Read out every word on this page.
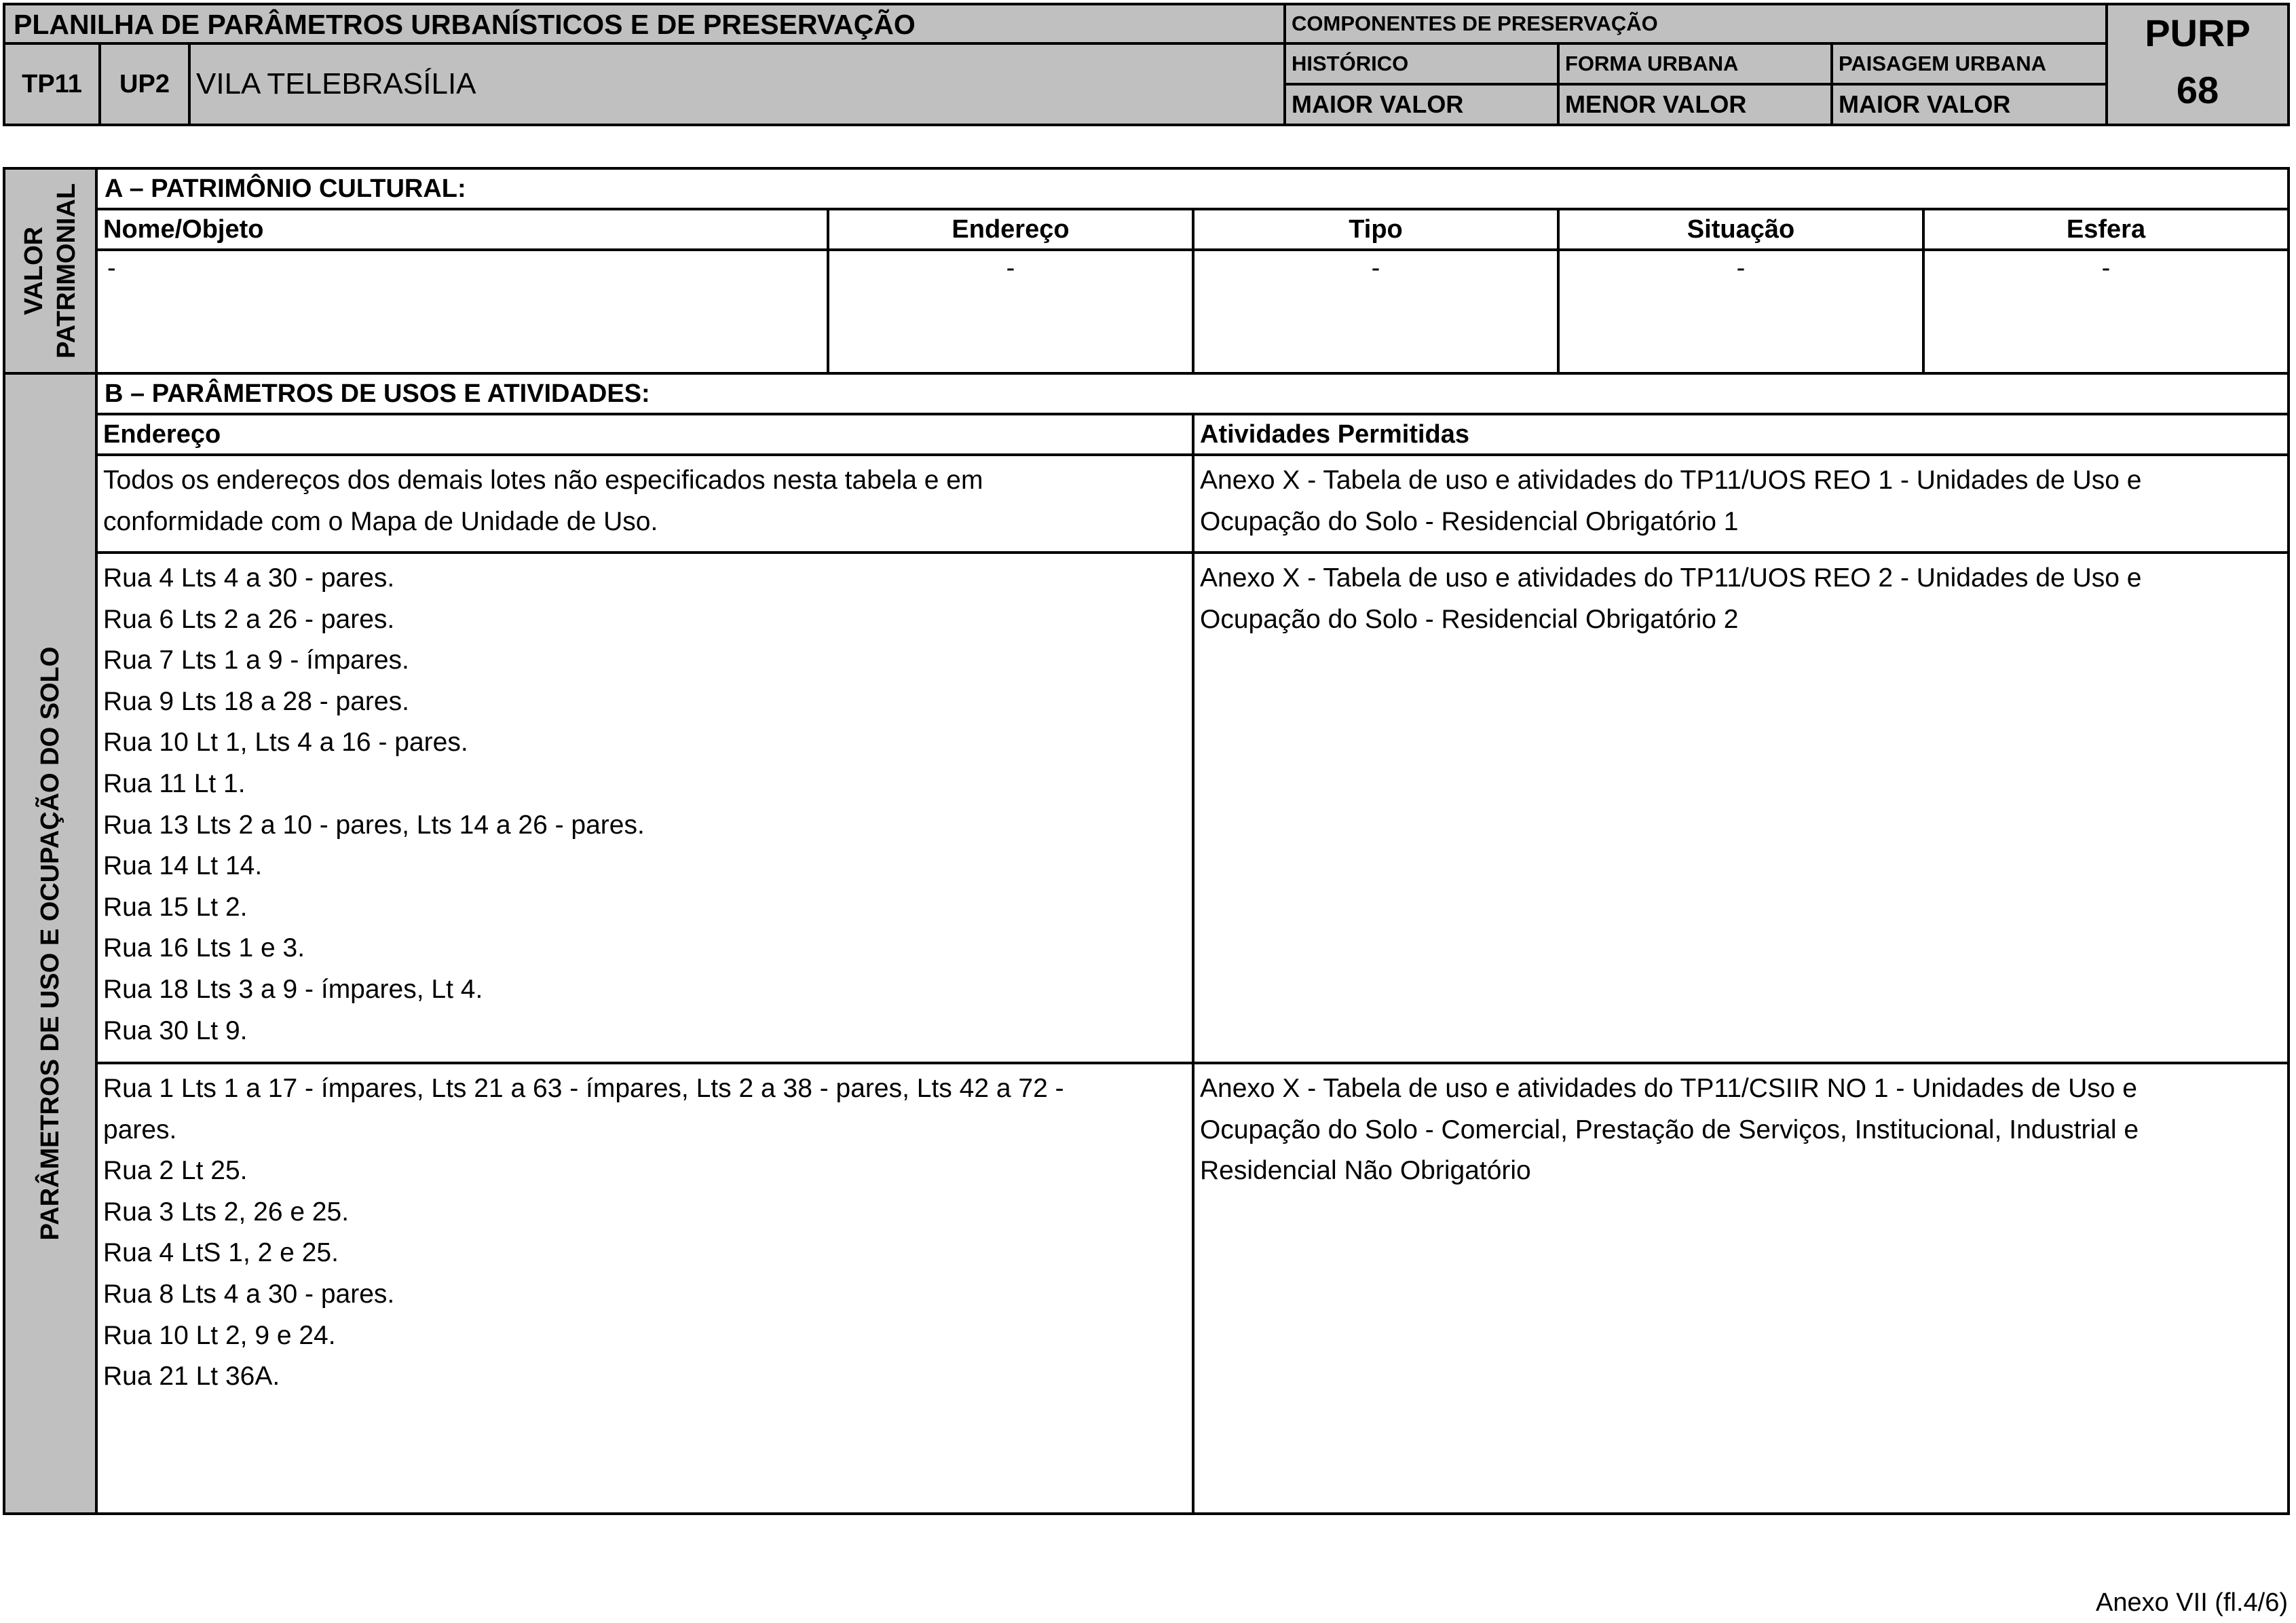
PLANILHA DE PARÂMETROS URBANÍSTICOS E DE PRESERVAÇÃO
TP11	UP2 VILA TELEBRASÍLIA
COMPONENTES DE PRESERVAÇÃO
HISTÓRICO	FORMA URBANA	PAISAGEM URBANA
MAIOR VALOR	MENOR VALOR	MAIOR VALOR
PURP
68
VALOR PATRIMONIAL A – PATRIMÔNIO CULTURAL:
Nome/Objeto	Endereço	Tipo	Situação	Esfera
-	-	-	-	-
PARÂMETROS DE USO E OCUPAÇÃO DO SOLO
B – PARÂMETROS DE USOS E ATIVIDADES:
Endereço	Atividades Permitidas
Todos os endereços dos demais lotes não especificados nesta tabela e em
conformidade com o Mapa de Unidade de Uso.
Anexo X - Tabela de uso e atividades do TP11/UOS REO 1 - Unidades de Uso e
Ocupação do Solo - Residencial Obrigatório 1
Rua 4 Lts 4 a 30 - pares.
Rua 6 Lts 2 a 26 - pares.
Rua 7 Lts 1 a 9 - ímpares.
Rua 9 Lts 18 a 28 - pares.
Rua 10 Lt 1, Lts 4 a 16 - pares.
Rua 11 Lt 1.
Rua 13 Lts 2 a 10 - pares, Lts 14 a 26 - pares.
Rua 14 Lt 14.
Rua 15 Lt 2.
Rua 16 Lts 1 e 3.
Rua 18 Lts 3 a 9 - ímpares, Lt 4.
Rua 30 Lt 9.
Anexo X - Tabela de uso e atividades do TP11/UOS REO 2 - Unidades de Uso e
Ocupação do Solo - Residencial Obrigatório 2
Rua 1 Lts 1 a 17 - ímpares, Lts 21 a 63 - ímpares, Lts 2 a 38 - pares, Lts 42 a 72 -
pares.
Rua 2 Lt 25.
Rua 3 Lts 2, 26 e 25.
Rua 4 LtS 1, 2 e 25.
Rua 8 Lts 4 a 30 - pares.
Rua 10 Lt 2, 9 e 24.
Rua 21 Lt 36A.
Anexo X - Tabela de uso e atividades do TP11/CSIIR NO 1 - Unidades de Uso e
Ocupação do Solo - Comercial, Prestação de Serviços, Institucional, Industrial e
Residencial Não Obrigatório
Anexo VII (fl.4/6)
